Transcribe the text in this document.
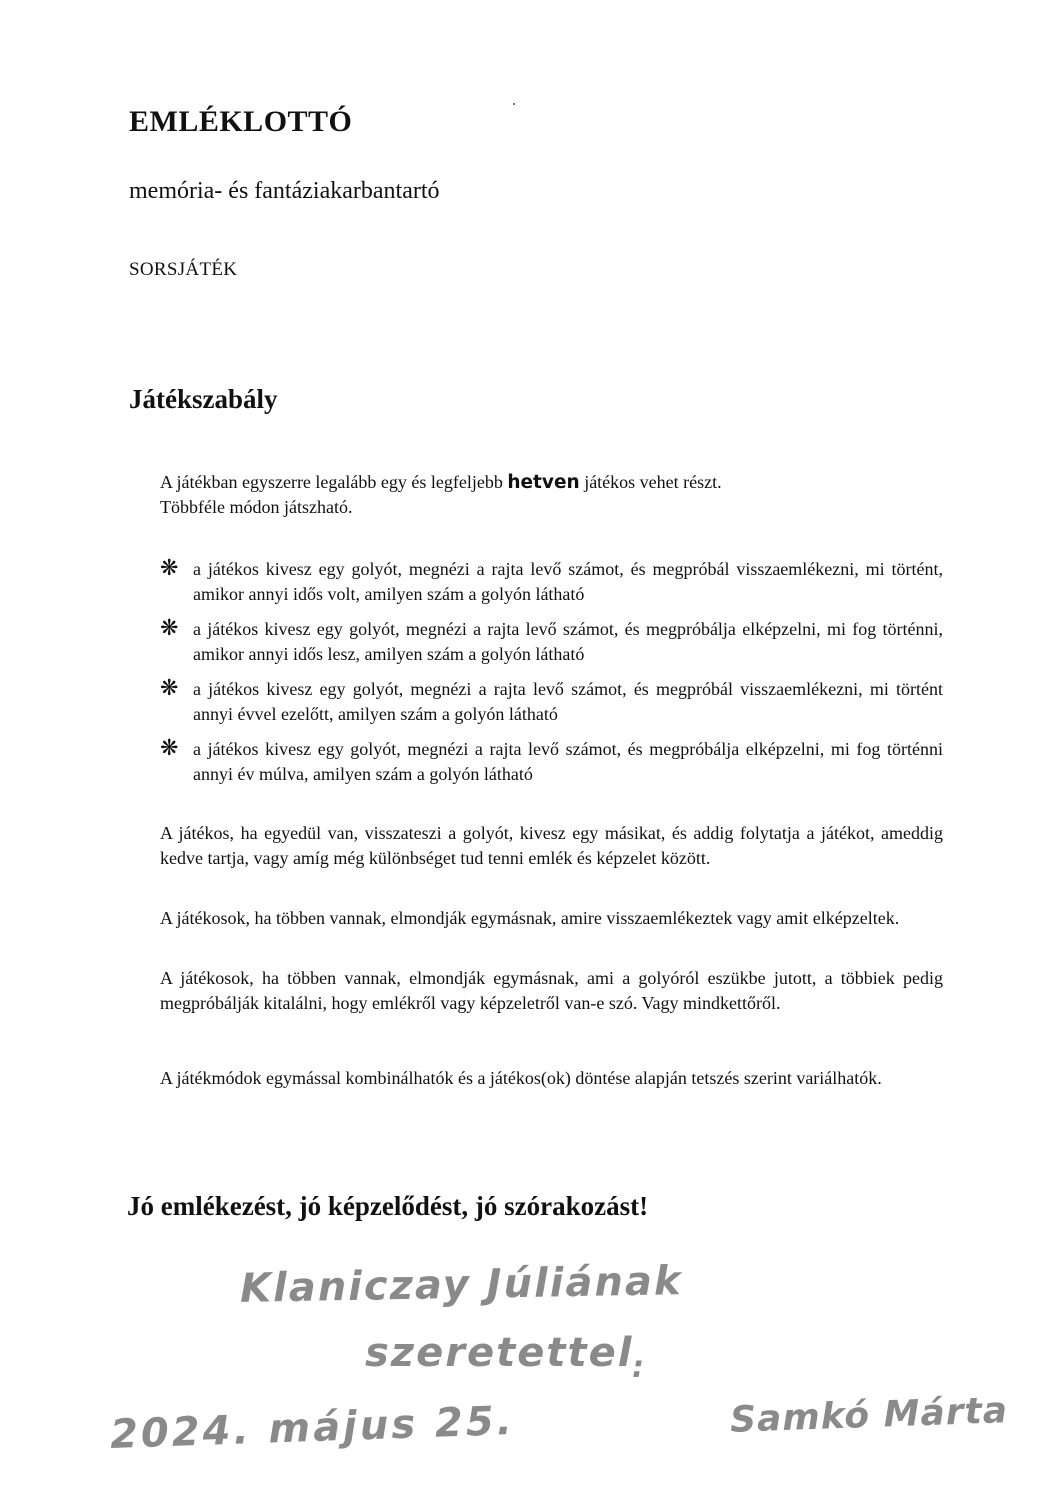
EMLÉKLOTTÓ
memória- és fantáziakarbantartó
SORSJÁTÉK
Játékszabály
A játékban egyszerre legalább egy és legfeljebb hetven játékos vehet részt.
Többféle módon játszható.
❋ a játékos kivesz egy golyót, megnézi a rajta levő számot, és megpróbál visszaemlékezni, mi történt, amikor annyi idős volt, amilyen szám a golyón látható
❋ a játékos kivesz egy golyót, megnézi a rajta levő számot, és megpróbálja elképzelni, mi fog történni, amikor annyi idős lesz, amilyen szám a golyón látható
❋ a játékos kivesz egy golyót, megnézi a rajta levő számot, és megpróbál visszaemlékezni, mi történt annyi évvel ezelőtt, amilyen szám a golyón látható
❋ a játékos kivesz egy golyót, megnézi a rajta levő számot, és megpróbálja elképzelni, mi fog történni annyi év múlva, amilyen szám a golyón látható
A játékos, ha egyedül van, visszateszi a golyót, kivesz egy másikat, és addig folytatja a játékot, ameddig kedve tartja, vagy amíg még különbséget tud tenni emlék és képzelet között.
A játékosok, ha többen vannak, elmondják egymásnak, amire visszaemlékeztek vagy amit elképzeltek.
A játékosok, ha többen vannak, elmondják egymásnak, ami a golyóról eszükbe jutott, a többiek pedig megpróbálják kitalálni, hogy emlékről vagy képzeletről van-e szó. Vagy mindkettőről.
A játékmódok egymással kombinálhatók és a játékos(ok) döntése alapján tetszés szerint variálhatók.
Jó emlékezést, jó képzelődést, jó szórakozást!
Klaniczay Júliának
szeretettel
:
2024. május 25.	Samkó Márta
